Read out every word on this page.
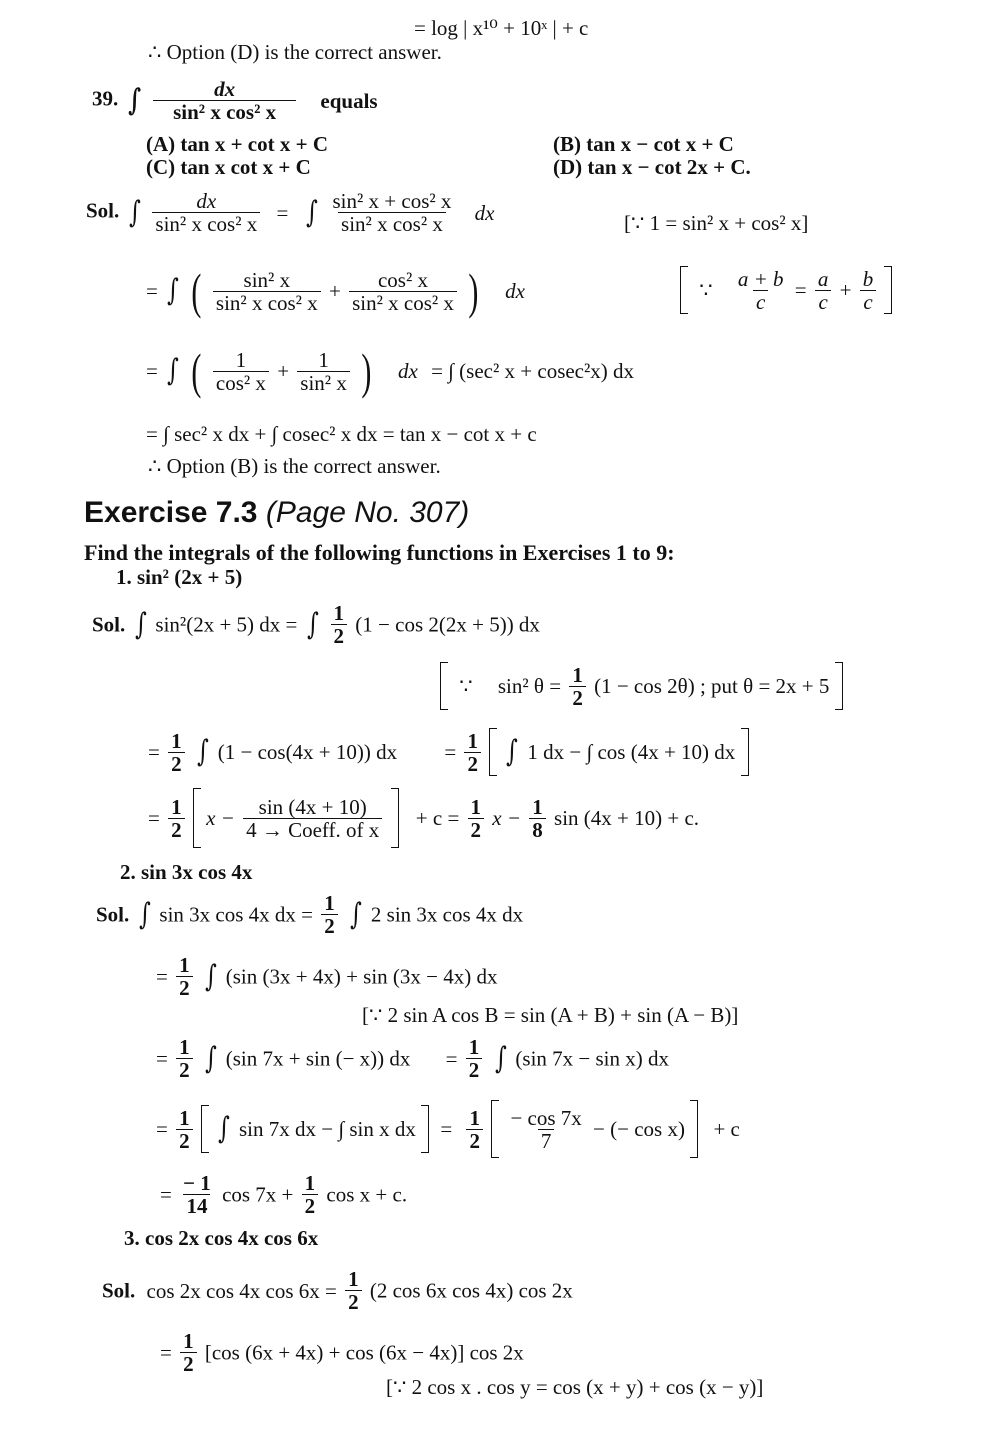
= log | x¹⁰ + 10ˣ | + c
∴ Option (D) is the correct answer.
39. ∫ $\frac{dx}{\text{sin² x cos² x}}$ equals
(A) tan x + cot x + C	(B) tan x − cot x + C
(C) tan x cot x + C	(D) tan x − cot 2x + C.
Sol. ∫ $\frac{dx}{\text{sin² x cos² x}}$ = ∫ $\frac{\text{sin² x + cos² x}}{\text{sin² x cos² x}}$ dx	[∵ 1 = sin² x + cos² x]
= ∫ ( $\frac{\text{sin² x}}{\text{sin² x cos² x}} + \frac{\text{cos² x}}{\text{sin² x cos² x}}$ ) dx	∵ $\frac{a + b}{c} = \frac{a}{c} + \frac{b}{c}$

= ∫ ( $\frac{1}{\text{cos² x}} + \frac{1}{\text{sin² x}}$ ) dx = ∫ (sec² x + cosec²x) dx
= ∫ sec² x dx + ∫ cosec² x dx = tan x − cot x + c
∴ Option (B) is the correct answer.
Exercise 7.3 (Page No. 307)
Find the integrals of the following functions in Exercises 1 to 9:
1. sin² (2x + 5)
Sol. ∫ sin²(2x + 5) dx = ∫ $\frac{1}{2} (1 - \cos 2(2x + 5))$ dx
∵ sin² $\theta = \frac{1}{2} (1 - \cos 2\theta)$ ; put θ = 2x + 5
= $\frac{1}{2}$ ∫ (1 − cos(4x + 10)) dx = $\frac{1}{2}$ ∫ 1 dx − ∫ cos (4x + 10) dx
= $\frac{1}{2}$ $x - \frac{\sin (4x + 10)}{\text{4 → Coeff. of x}} + c = \frac{1}{2}$ $x - \frac{1}{8}$ sin (4x + 10) + c.
2. sin 3x cos 4x
Sol. ∫ sin 3x cos 4x dx = $\frac{1}{2}$ ∫ 2 sin 3x cos 4x dx
= $\frac{1}{2}$ ∫ (sin (3x + 4x) + sin (3x − 4x) dx
[∵ 2 sin A cos B = sin (A + B) + sin (A − B)]
= $\frac{1}{2}$ ∫ (sin 7x + sin (− x)) dx = $\frac{1}{2}$ ∫ (sin 7x − sin x) dx
= $\frac{1}{2}$ ∫ sin 7x dx − ∫ sin x dx = $\frac{1}{2}$
$\frac{- \cos 7x}{7}$ − (− cos x) + c
= $\frac{- 1}{14}$ $\cos 7x + \frac{1}{2}$ cos x + c.
3. cos 2x cos 4x cos 6x
Sol. cos 2x cos 4x $\cos 6x = \frac{1}{2} (2$ cos 6x cos 4x) cos 2x
= $\frac{1}{2} [\cos$ (6x + 4x) + cos (6x − 4x)] cos 2x
[∵ 2 cos x . cos y = cos (x + y) + cos (x − y)]
